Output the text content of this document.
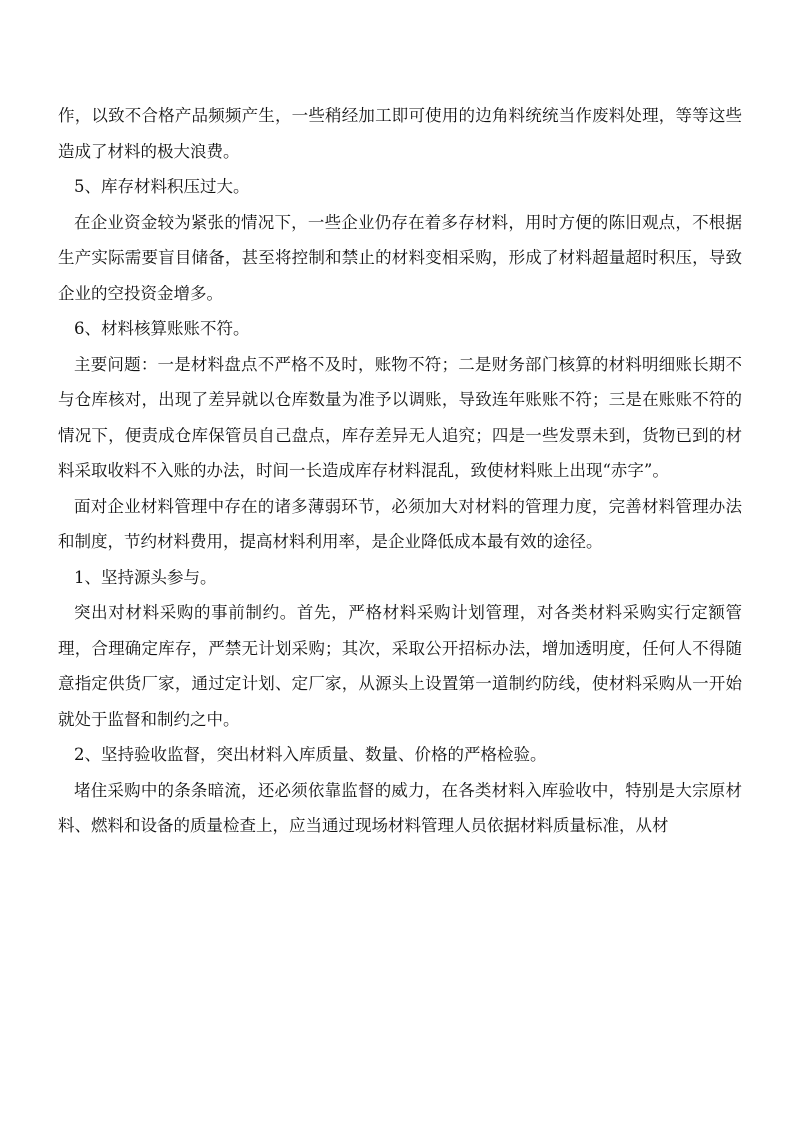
作，以致不合格产品频频产生，一些稍经加工即可使用的边角料统统当作废料处理，等等这些造成了材料的极大浪费。

5、库存材料积压过大。

在企业资金较为紧张的情况下，一些企业仍存在着多存材料，用时方便的陈旧观点，不根据生产实际需要盲目储备，甚至将控制和禁止的材料变相采购，形成了材料超量超时积压，导致企业的空投资金增多。

6、材料核算账账不符。

主要问题：一是材料盘点不严格不及时，账物不符；二是财务部门核算的材料明细账长期不与仓库核对，出现了差异就以仓库数量为准予以调账，导致连年账账不符；三是在账账不符的情况下，便责成仓库保管员自己盘点，库存差异无人追究；四是一些发票未到，货物已到的材料采取收料不入账的办法，时间一长造成库存材料混乱，致使材料账上出现“赤字”。

面对企业材料管理中存在的诸多薄弱环节，必须加大对材料的管理力度，完善材料管理办法和制度，节约材料费用，提高材料利用率，是企业降低成本最有效的途径。

1、坚持源头参与。

突出对材料采购的事前制约。首先，严格材料采购计划管理，对各类材料采购实行定额管理，合理确定库存，严禁无计划采购；其次，采取公开招标办法，增加透明度，任何人不得随意指定供货厂家，通过定计划、定厂家，从源头上设置第一道制约防线，使材料采购从一开始就处于监督和制约之中。

2、坚持验收监督，突出材料入库质量、数量、价格的严格检验。

堵住采购中的条条暗流，还必须依靠监督的威力，在各类材料入库验收中，特别是大宗原材料、燃料和设备的质量检查上，应当通过现场材料管理人员依据材料质量标准，从材
